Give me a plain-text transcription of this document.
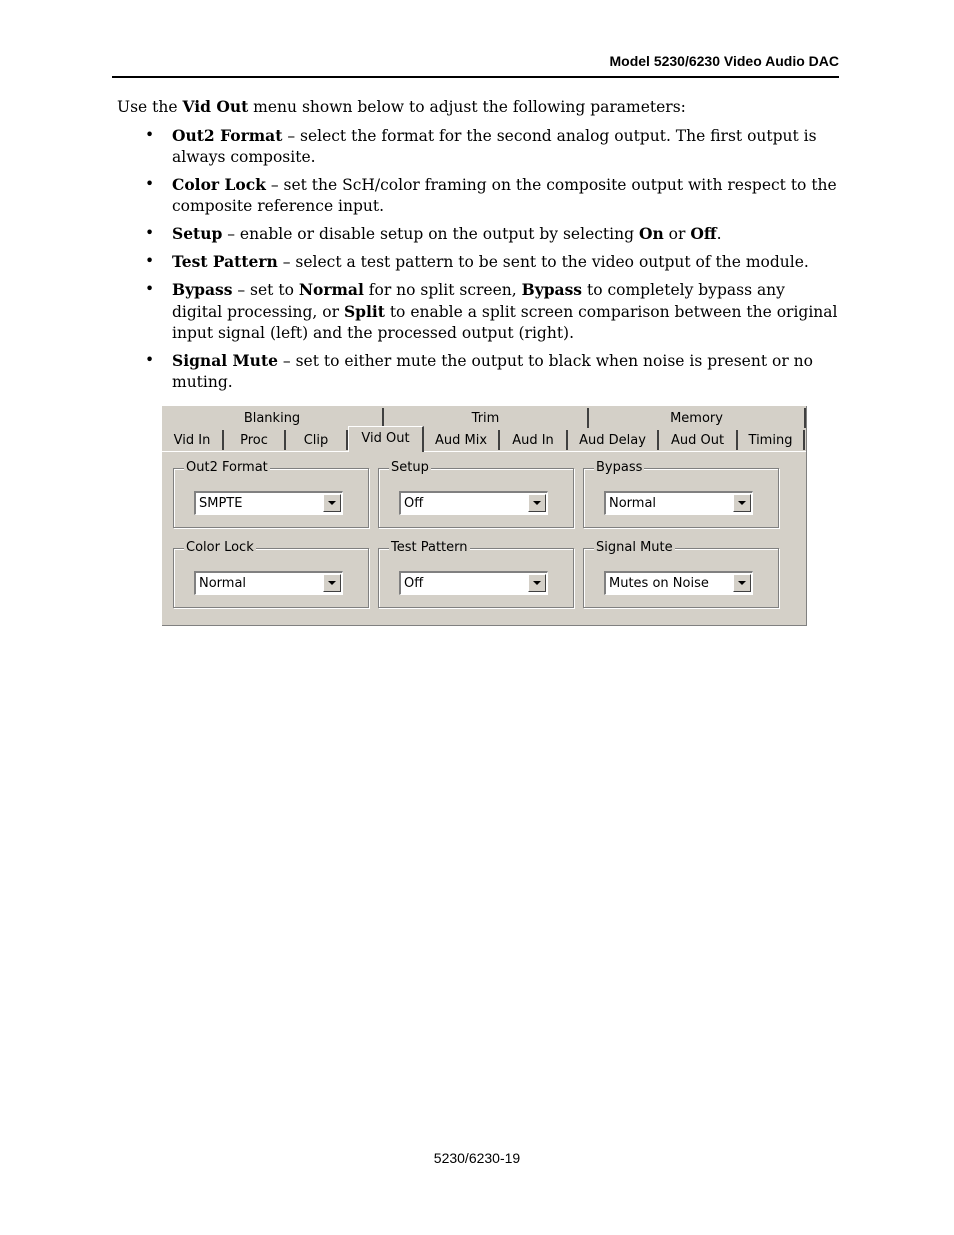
Model 5230/6230 Video Audio DAC
Use the Vid Out menu shown below to adjust the following parameters:
• Out2 Format – select the format for the second analog output. The first output is always composite.
• Color Lock – set the ScH/color framing on the composite output with respect to the composite reference input.
• Setup – enable or disable setup on the output by selecting On or Off.
• Test Pattern – select a test pattern to be sent to the video output of the module.
• Bypass – set to Normal for no split screen, Bypass to completely bypass any digital processing, or Split to enable a split screen comparison between the original input signal (left) and the processed output (right).
• Signal Mute – set to either mute the output to black when noise is present or no muting.
Blanking	Trim	Memory
Vid In	Proc	Clip	Vid Out	Aud Mix	Aud In	Aud Delay	Aud Out	Timing
Out2 Format
SMPTE
Setup
Off
Bypass
Normal
Color Lock
Normal
Test Pattern
Off
Signal Mute
Mutes on Noise
5230/6230-19
